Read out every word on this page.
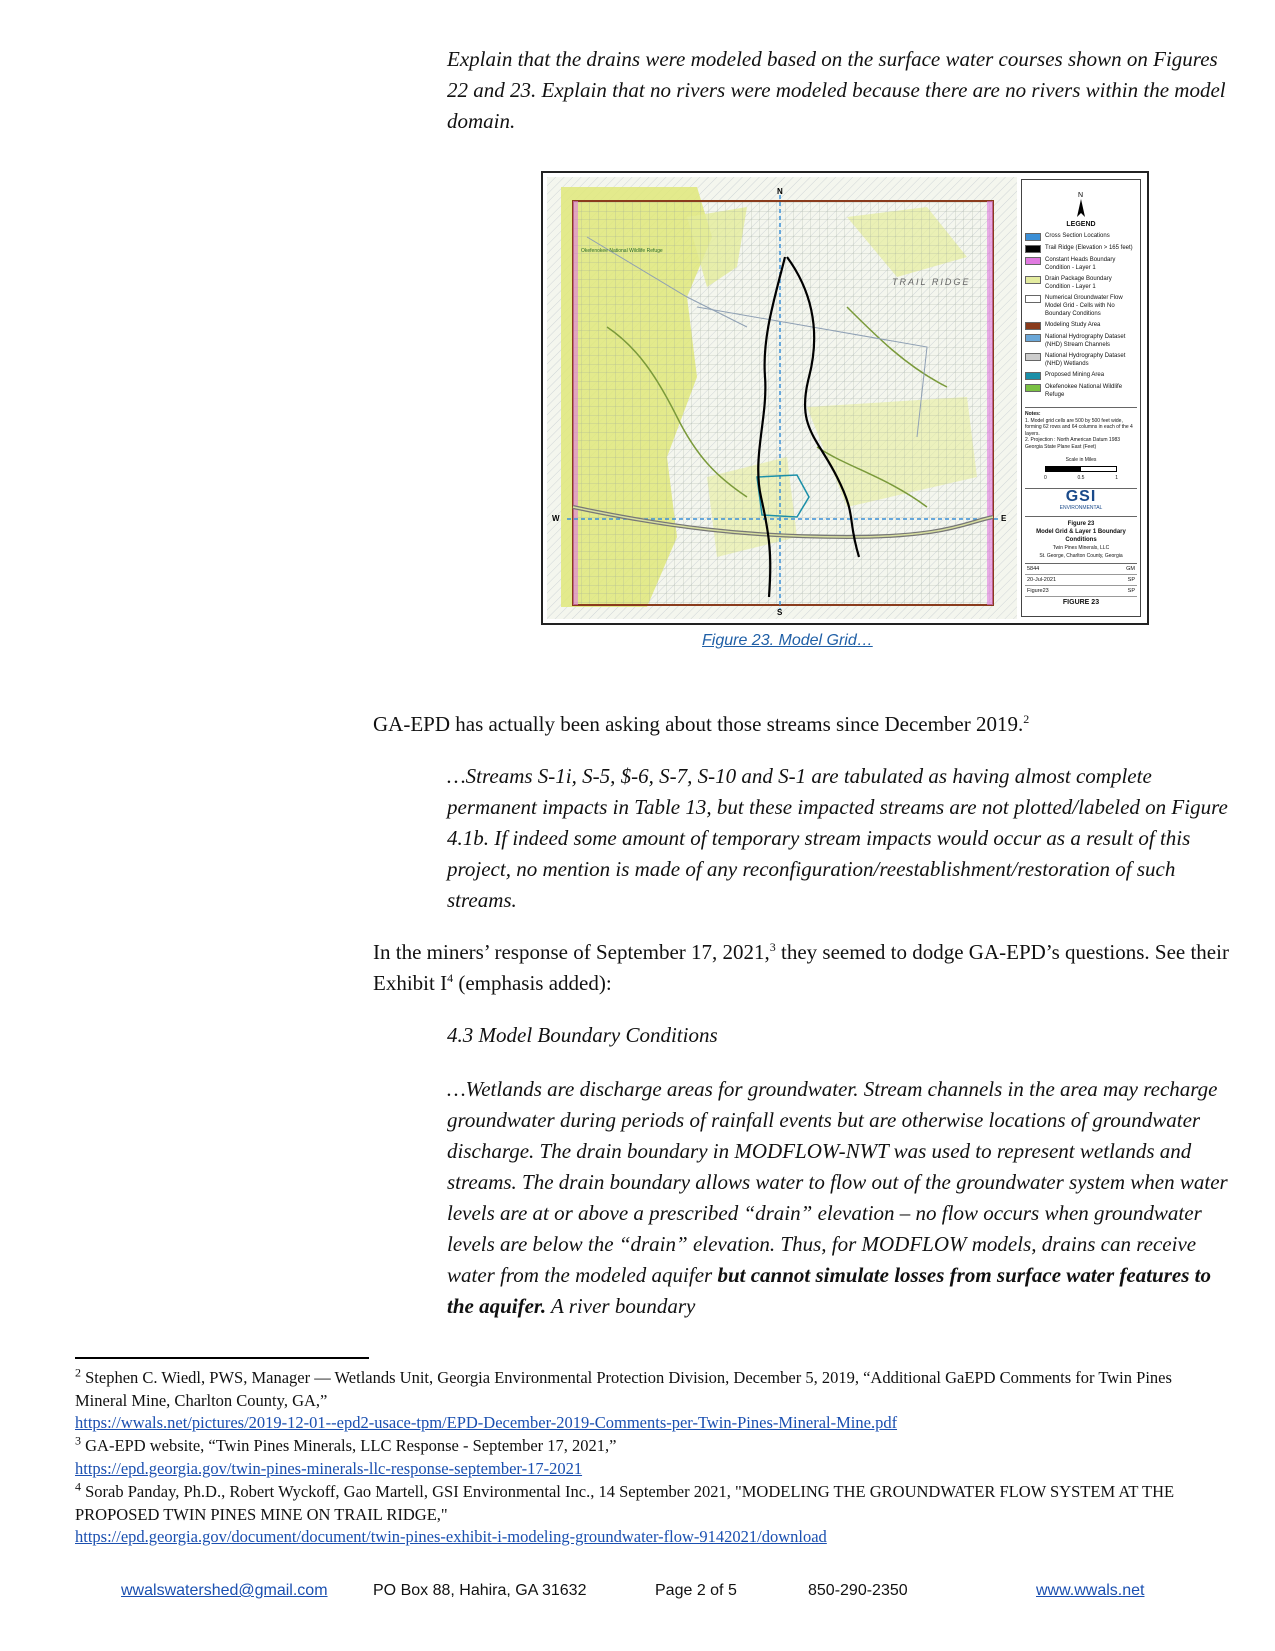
Explain that the drains were modeled based on the surface water courses shown on Figures 22 and 23. Explain that no rivers were modeled because there are no rivers within the model domain.
N
S
W	E
Okefenokee National Wildlife Refuge
TRAIL RIDGE
N
LEGEND
Cross Section Locations
Trail Ridge (Elevation > 165 feet)
Constant Heads Boundary Condition - Layer 1
Drain Package Boundary Condition - Layer 1
Numerical Groundwater Flow Model Grid - Cells with No Boundary Conditions
Modeling Study Area
National Hydrography Dataset (NHD) Stream Channels
National Hydrography Dataset (NHD) Wetlands
Proposed Mining Area
Okefenokee National Wildlife Refuge
Notes:
1. Model grid cells are 500 by 500 feet wide, forming 62 rows and 64 columns in each of the 4 layers.
2. Projection : North American Datum 1983 Georgia State Plane East (Feet)
Scale in Miles
0	0.5	1
GSI
ENVIRONMENTAL
Figure 23
Model Grid & Layer 1 Boundary Conditions
Twin Pines Minerals, LLC
St. George, Charlton County, Georgia
5844	GM
20-Jul-2021	SP
Figure23	SP
FIGURE 23
Figure 23. Model Grid…
GA-EPD has actually been asking about those streams since December 2019.$^2$
…Streams S-1i, S-5, $-6, S-7, S-10 and S-1 are tabulated as having almost complete permanent impacts in Table 13, but these impacted streams are not plotted/labeled on Figure 4.1b. If indeed some amount of temporary stream impacts would occur as a result of this project, no mention is made of any reconfiguration/reestablishment/restoration of such streams.
In the miners’ response of September 17, 2021,$^3$ they seemed to dodge GA-EPD’s questions. See their Exhibit $I^4$ (emphasis added):
4.3 Model Boundary Conditions
…Wetlands are discharge areas for groundwater. Stream channels in the area may recharge groundwater during periods of rainfall events but are otherwise locations of groundwater discharge. The drain boundary in MODFLOW-NWT was used to represent wetlands and streams. The drain boundary allows water to flow out of the groundwater system when water levels are at or above a prescribed “drain” elevation – no flow occurs when groundwater levels are below the “drain” elevation. Thus, for MODFLOW models, drains can receive water from the modeled aquifer but cannot simulate losses from surface water features to the aquifer. A river boundary
$^2$ Stephen C. Wiedl, PWS, Manager — Wetlands Unit, Georgia Environmental Protection Division, December 5, 2019, “Additional GaEPD Comments for Twin Pines Mineral Mine, Charlton County, GA,”
https://wwals.net/pictures/2019-12-01--epd2-usace-tpm/EPD-December-2019-Comments-per-Twin-Pines-Mineral-Mine.pdf
$^3$ GA-EPD website, “Twin Pines Minerals, LLC Response - September 17, 2021,”
https://epd.georgia.gov/twin-pines-minerals-llc-response-september-17-2021
$^4$ Sorab Panday, Ph.D., Robert Wyckoff, Gao Martell, GSI Environmental Inc., 14 September 2021, "MODELING THE GROUNDWATER FLOW SYSTEM AT THE PROPOSED TWIN PINES MINE ON TRAIL RIDGE,"
https://epd.georgia.gov/document/document/twin-pines-exhibit-i-modeling-groundwater-flow-9142021/download
wwalswatershed@gmail.com	PO Box 88, Hahira, GA 31632	Page 2 of 5	850-290-2350	www.wwals.net
